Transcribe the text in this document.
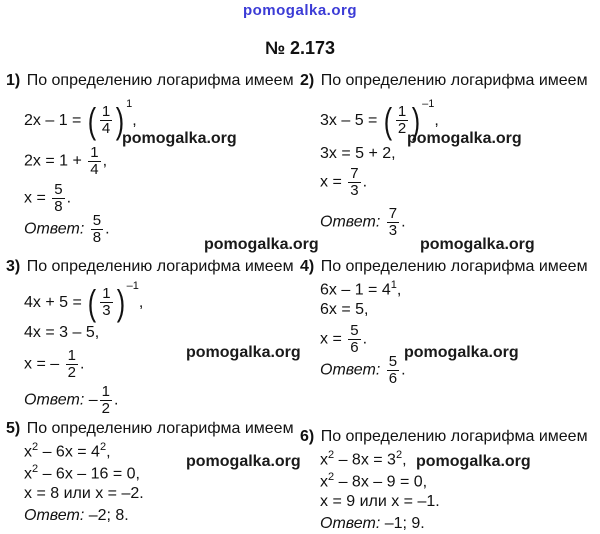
pomogalka.org
№ 2.173
1) По определению логарифма имеем
2x – 1 = ( $\frac{1}{4}$ ) $^1$,
$2x = 1 + \frac{1}{4}$ ,
$x = \frac{5}{8}$ .
Ответ: $\frac{5}{8}$ .
2) По определению логарифма имеем
3x – 5 = ( $\frac{1}{2}$ ) $^{-1}$,
3x = 5 + 2,
$x = \frac{7}{3}$ .
Ответ: $\frac{7}{3}$ .
3) По определению логарифма имеем
4x + 5 = ( $\frac{1}{3}$ ) $^{-1}$,
4x = 3 – 5,
x = – $\frac{1}{2}$ .
Ответ: – $\frac{1}{2}$ .
4) По определению логарифма имеем
$6x - 1 = 4^1$,
6x = 5,
$x = \frac{5}{6}$ .
Ответ: $\frac{5}{6}$ .
5) По определению логарифма имеем
$x^2 - 6x = 4^2$,
$x^2 - 6x - 16 = 0$,
x = 8 или x = –2.
Ответ: –2; 8.
6) По определению логарифма имеем
$x^2 - 8x = 3^2$,
$x^2 - 8x - 9 = 0$,
x = 9 или x = –1.
Ответ: –1; 9.
pomogalka.org	pomogalka.org
pomogalka.org	pomogalka.org
pomogalka.org	pomogalka.org
pomogalka.org	pomogalka.org
